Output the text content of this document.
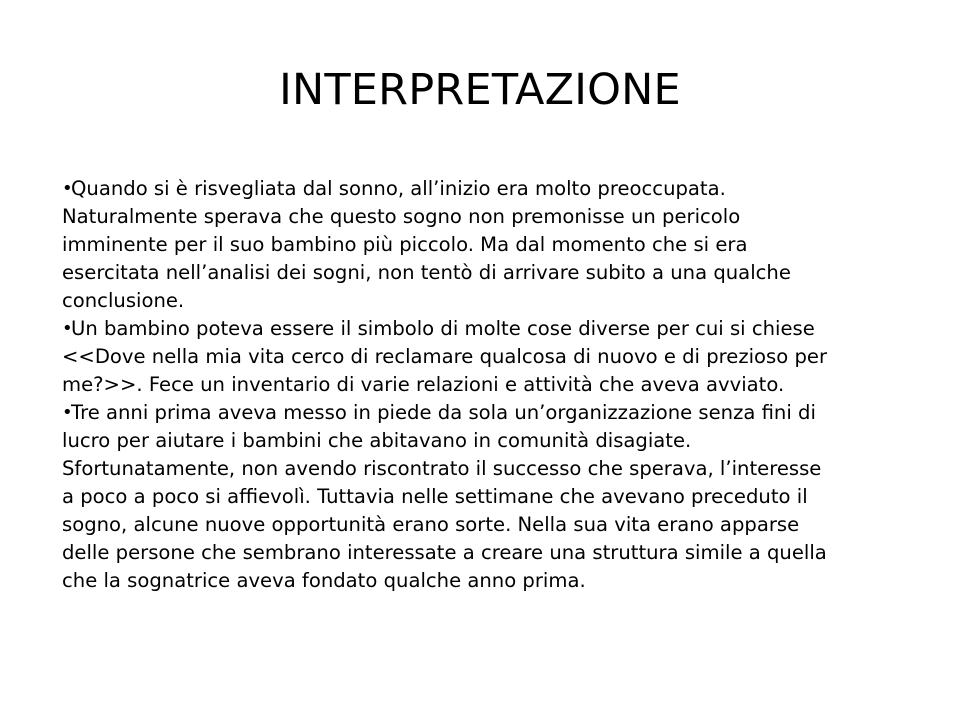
INTERPRETAZIONE
•Quando si è risvegliata dal sonno, all’inizio era molto preoccupata.
Naturalmente sperava che questo sogno non premonisse un pericolo
imminente per il suo bambino più piccolo. Ma dal momento che si era
esercitata nell’analisi dei sogni, non tentò di arrivare subito a una qualche
conclusione.
•Un bambino poteva essere il simbolo di molte cose diverse per cui si chiese
<<Dove nella mia vita cerco di reclamare qualcosa di nuovo e di prezioso per
me?>>. Fece un inventario di varie relazioni e attività che aveva avviato.
•Tre anni prima aveva messo in piede da sola un’organizzazione senza fini di
lucro per aiutare i bambini che abitavano in comunità disagiate.
Sfortunatamente, non avendo riscontrato il successo che sperava, l’interesse
a poco a poco si affievolì. Tuttavia nelle settimane che avevano preceduto il
sogno, alcune nuove opportunità erano sorte. Nella sua vita erano apparse
delle persone che sembrano interessate a creare una struttura simile a quella
che la sognatrice aveva fondato qualche anno prima.
